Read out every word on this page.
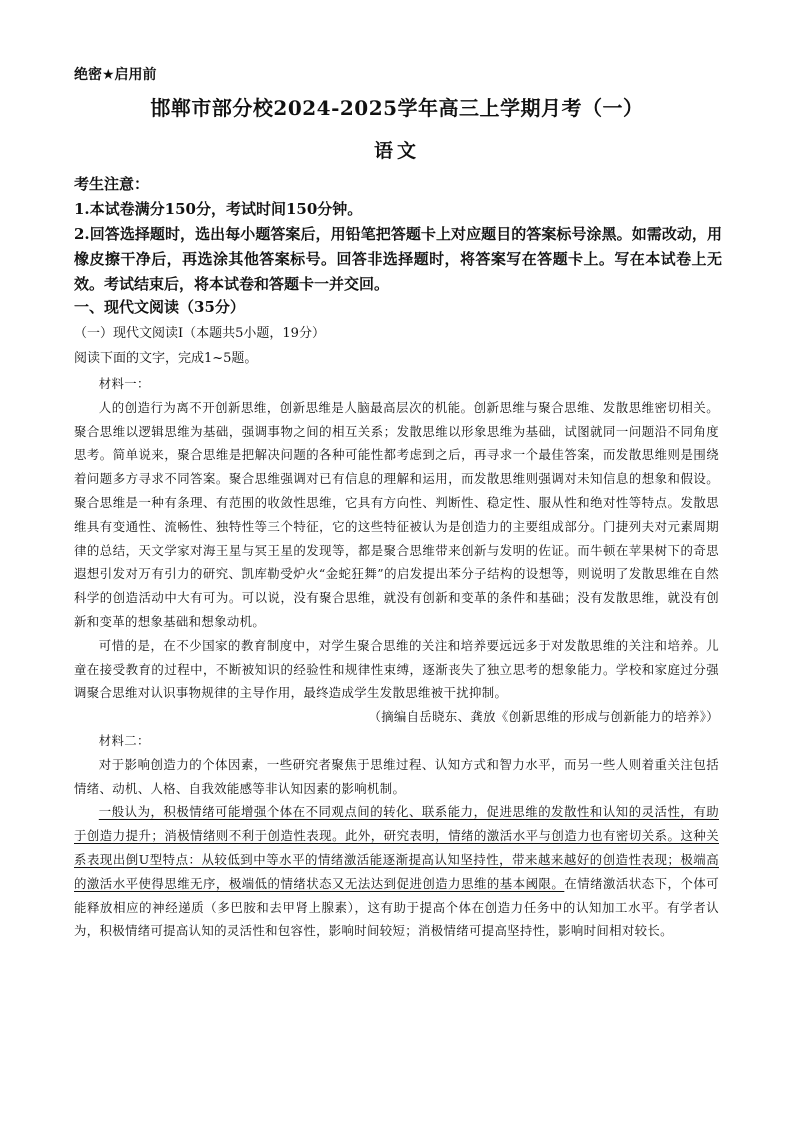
绝密★启用前
邯郸市部分校2024-2025学年高三上学期月考（一）
语文

考生注意：

1.本试卷满分150分，考试时间150分钟。

2.回答选择题时，选出每小题答案后，用铅笔把答题卡上对应题目的答案标号涂黑。如需改动，用橡皮擦干净后，再选涂其他答案标号。回答非选择题时，将答案写在答题卡上。写在本试卷上无效。考试结束后，将本试卷和答题卡一并交回。

一、现代文阅读（35分）
（一）现代文阅读Ⅰ（本题共5小题，19分）
阅读下面的文字，完成1~5题。

材料一：

人的创造行为离不开创新思维，创新思维是人脑最高层次的机能。创新思维与聚合思维、发散思维密切相关。聚合思维以逻辑思维为基础，强调事物之间的相互关系；发散思维以形象思维为基础，试图就同一问题沿不同角度思考。简单说来，聚合思维是把解决问题的各种可能性都考虑到之后，再寻求一个最佳答案，而发散思维则是围绕着问题多方寻求不同答案。聚合思维强调对已有信息的理解和运用，而发散思维则强调对未知信息的想象和假设。聚合思维是一种有条理、有范围的收敛性思维，它具有方向性、判断性、稳定性、服从性和绝对性等特点。发散思维具有变通性、流畅性、独特性等三个特征，它的这些特征被认为是创造力的主要组成部分。门捷列夫对元素周期律的总结，天文学家对海王星与冥王星的发现等，都是聚合思维带来创新与发明的佐证。而牛顿在苹果树下的奇思遐想引发对万有引力的研究、凯库勒受炉火“金蛇狂舞”的启发提出苯分子结构的设想等，则说明了发散思维在自然科学的创造活动中大有可为。可以说，没有聚合思维，就没有创新和变革的条件和基础；没有发散思维，就没有创新和变革的想象基础和想象动机。

可惜的是，在不少国家的教育制度中，对学生聚合思维的关注和培养要远远多于对发散思维的关注和培养。儿童在接受教育的过程中，不断被知识的经验性和规律性束缚，逐渐丧失了独立思考的想象能力。学校和家庭过分强调聚合思维对认识事物规律的主导作用，最终造成学生发散思维被干扰抑制。

（摘编自岳晓东、龚放《创新思维的形成与创新能力的培养》）

材料二：

对于影响创造力的个体因素，一些研究者聚焦于思维过程、认知方式和智力水平，而另一些人则着重关注包括情绪、动机、人格、自我效能感等非认知因素的影响机制。

一般认为，积极情绪可能增强个体在不同观点间的转化、联系能力，促进思维的发散性和认知的灵活性，有助于创造力提升；消极情绪则不利于创造性表现。此外，研究表明，情绪的激活水平与创造力也有密切关系。这种关系表现出倒U型特点：从较低到中等水平的情绪激活能逐渐提高认知坚持性，带来越来越好的创造性表现；极端高的激活水平使得思维无序，极端低的情绪状态又无法达到促进创造力思维的基本阈限。在情绪激活状态下，个体可能释放相应的神经递质（多巴胺和去甲肾上腺素），这有助于提高个体在创造力任务中的认知加工水平。有学者认为，积极情绪可提高认知的灵活性和包容性，影响时间较短；消极情绪可提高坚持性，影响时间相对较长。
